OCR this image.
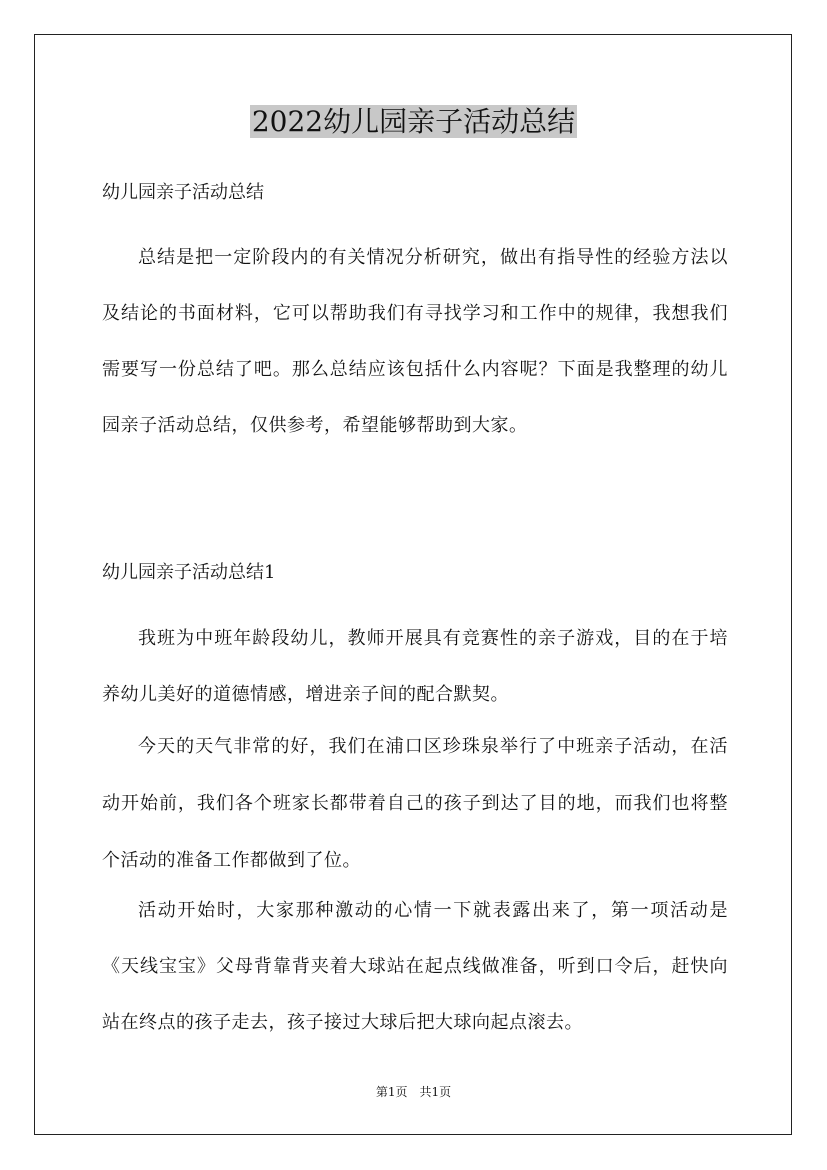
2022幼儿园亲子活动总结

幼儿园亲子活动总结

总结是把一定阶段内的有关情况分析研究，做出有指导性的经验方法以及结论的书面材料，它可以帮助我们有寻找学习和工作中的规律，我想我们需要写一份总结了吧。那么总结应该包括什么内容呢？下面是我整理的幼儿园亲子活动总结，仅供参考，希望能够帮助到大家。

幼儿园亲子活动总结1

我班为中班年龄段幼儿，教师开展具有竞赛性的亲子游戏，目的在于培养幼儿美好的道德情感，增进亲子间的配合默契。

今天的天气非常的好，我们在浦口区珍珠泉举行了中班亲子活动，在活动开始前，我们各个班家长都带着自己的孩子到达了目的地，而我们也将整个活动的准备工作都做到了位。

活动开始时，大家那种激动的心情一下就表露出来了，第一项活动是《天线宝宝》父母背靠背夹着大球站在起点线做准备，听到口令后，赶快向站在终点的孩子走去，孩子接过大球后把大球向起点滚去。

第1页　共1页
